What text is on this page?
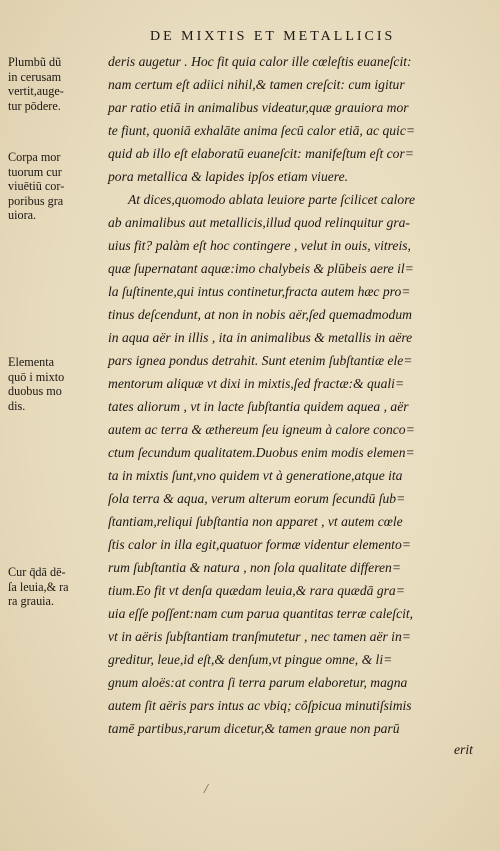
DE MIXTIS ET METALLICIS
Plumbũ dũ
in cerusam
vertit,auge-
tur pōdere.
Corpa mor
tuorum cur
viuētiū cor-
poribus gra
uiora.
Elementa
quō i mixto
duobus mo
dis.
Cur q̄dā dē-
ſa leuia,& ra
ra grauia.
deris augetur . Hoc fit quia calor ille cœleſtis euaneſcit:
nam certum eſt adiici nihil,& tamen creſcit: cum igitur
par ratio etiā in animalibus videatur,quæ grauiora mor
te fiunt, quoniā exhalāte anima ſecū calor etiā, ac quic=
quid ab illo eſt elaboratū euaneſcit: manifeſtum eſt cor=
pora metallica & lapides ipſos etiam viuere.
At dices,quomodo ablata leuiore parte ſcilicet calore
ab animalibus aut metallicis,illud quod relinquitur gra-
uius fit? palàm eſt hoc contingere , velut in ouis, vitreis,
quæ ſupernatant aquæ:imo chalybeis & plūbeis aere il=
la ſuſtinente,qui intus continetur,fracta autem hæc pro=
tinus deſcendunt, at non in nobis aër,ſed quemadmodum
in aqua aër in illis , ita in animalibus & metallis in aëre
pars ignea pondus detrahit. Sunt etenim ſubſtantiæ ele=
mentorum aliquæ vt dixi in mixtis,ſed fractæ:& quali=
tates aliorum , vt in lacte ſubſtantia quidem aquea , aër
autem ac terra & æthereum ſeu igneum à calore conco=
ctum ſecundum qualitatem.Duobus enim modis elemen=
ta in mixtis ſunt,vno quidem vt à generatione,atque ita
ſola terra & aqua, verum alterum eorum ſecundū ſub=
ſtantiam,reliqui ſubſtantia non apparet , vt autem cœle
ſtis calor in illa egit,quatuor formæ videntur elemento=
rum ſubſtantia & natura , non ſola qualitate differen=
tium.Eo fit vt denſa quædam leuia,& rara quædā gra=
uia eſſe poſſent:nam cum parua quantitas terræ caleſcit,
vt in aëris ſubſtantiam tranſmutetur , nec tamen aër in=
greditur, leue,id eſt,& denſum,vt pingue omne, & li=
gnum aloës:at contra ſi terra parum elaboretur, magna
autem ſit aëris pars intus ac vbiq; cōſpicua minutiſsimis
tamē partibus,rarum dicetur,& tamen graue non parū
erit
/
